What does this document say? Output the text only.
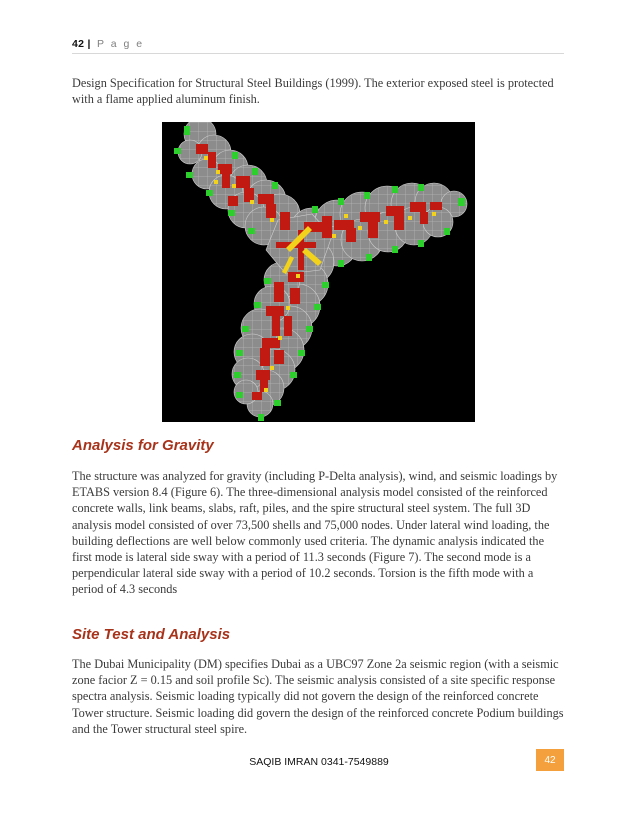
42 | P a g e

Design Specification for Structural Steel Buildings (1999). The exterior exposed steel is protected with a flame applied aluminum finish.

Analysis for Gravity

The structure was analyzed for gravity (including P-Delta analysis), wind, and seismic loadings by ETABS version 8.4 (Figure 6). The three-dimensional analysis model consisted of the reinforced concrete walls, link beams, slabs, raft, piles, and the spire structural steel system. The full 3D analysis model consisted of over 73,500 shells and 75,000 nodes. Under lateral wind loading, the building deflections are well below commonly used criteria. The dynamic analysis indicated the first mode is lateral side sway with a period of 11.3 seconds (Figure 7). The second mode is a perpendicular lateral side sway with a period of 10.2 seconds. Torsion is the fifth mode with a period of 4.3 seconds

Site Test and Analysis

The Dubai Municipality (DM) specifies Dubai as a UBC97 Zone 2a seismic region (with a seismic zone facior Z = 0.15 and soil profile Sc). The seismic analysis consisted of a site specific response spectra analysis. Seismic loading typically did not govern the design of the reinforced concrete Tower structure. Seismic loading did govern the design of the reinforced concrete Podium buildings and the Tower structural steel spire.

SAQIB IMRAN 0341-7549889	42
